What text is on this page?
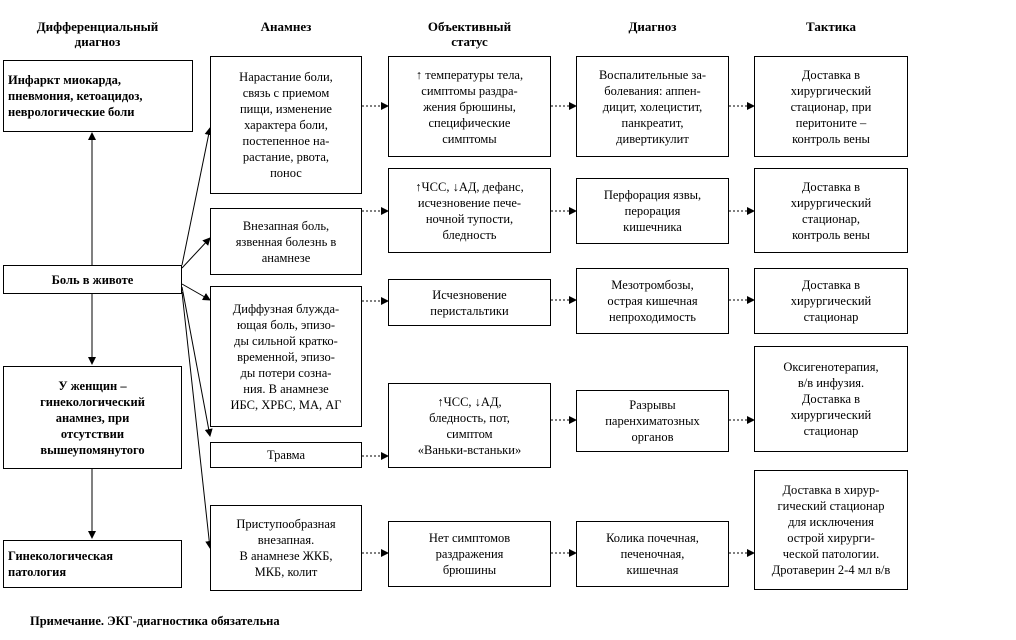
Дифференциальный
диагноз
Анамнез	Объективный
статус
Диагноз	Тактика
Инфаркт миокарда,
пневмония, кетоацидоз,
неврологические боли
Боль в животе
У женщин –
гинекологический
анамнез, при
отсутствии
вышеупомянутого
Гинекологическая
патология
Нарастание боли,
связь с приемом
пищи, изменение
характера боли,
постепенное на-
растание, рвота,
понос
↑ температуры тела,
симптомы раздра-
жения брюшины,
специфические
симптомы
Воспалительные за-
болевания: аппен-
дицит, холецистит,
панкреатит,
дивертикулит
Доставка в
хирургический
стационар, при
перитоните –
контроль вены
Внезапная боль,
язвенная болезнь в
анамнезе
↑ЧСС, ↓АД, дефанс,
исчезновение пече-
ночной тупости,
бледность
Перфорация язвы,
перорация
кишечника
Доставка в
хирургический
стационар,
контроль вены
Диффузная блужда-
ющая боль, эпизо-
ды сильной кратко-
временной, эпизо-
ды потери созна-
ния. В анамнезе
ИБС, ХРБС, МА, АГ
Исчезновение
перистальтики
Мезотромбозы,
острая кишечная
непроходимость
Доставка в
хирургический
стационар
Травма
↑ЧСС, ↓АД,
бледность, пот,
симптом
«Ваньки-встаньки»
Разрывы
паренхиматозных
органов
Оксигенотерапия,
в/в инфузия.
Доставка в
хирургический
стационар
Приступообразная
внезапная.
В анамнезе ЖКБ,
МКБ, колит
Нет симптомов
раздражения
брюшины
Колика почечная,
печеночная,
кишечная
Доставка в хирур-
гический стационар
для исключения
острой хирурги-
ческой патологии.
Дротаверин 2-4 мл в/в
Примечание. ЭКГ-диагностика обязательна
